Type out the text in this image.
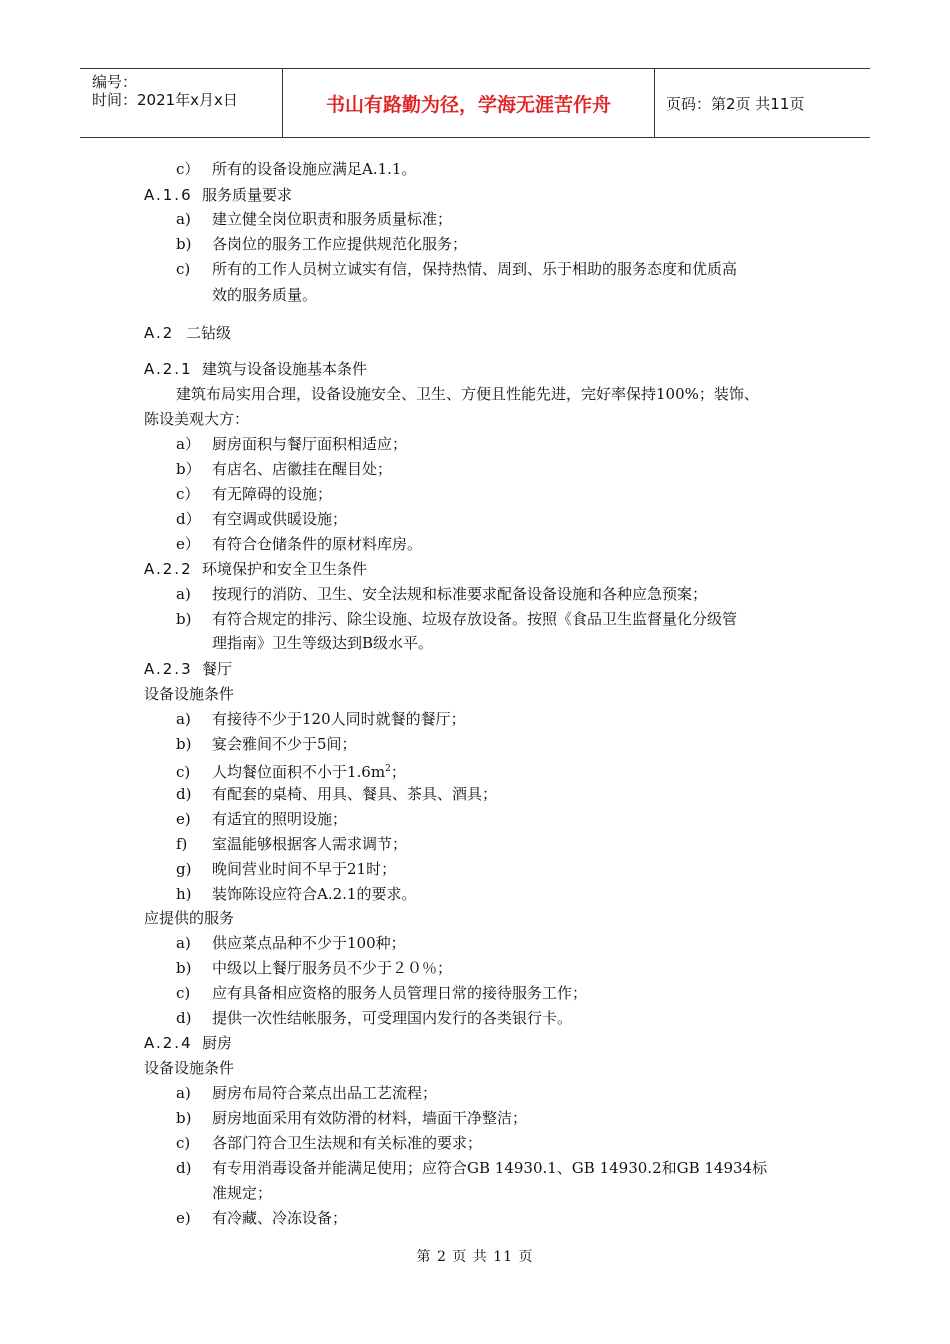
编号：
时间：2021年x月x日	书山有路勤为径，学海无涯苦作舟	页码：第2页 共11页
c） 所有的设备设施应满足A.1.1。
A.1.6 服务质量要求
a) 建立健全岗位职责和服务质量标准；
b) 各岗位的服务工作应提供规范化服务；
c) 所有的工作人员树立诚实有信，保持热情、周到、乐于相助的服务态度和优质高
效的服务质量。
A.2 二钻级
A.2.1 建筑与设备设施基本条件
建筑布局实用合理，设备设施安全、卫生、方便且性能先进，完好率保持100%；装饰、
陈设美观大方：
a） 厨房面积与餐厅面积相适应；
b） 有店名、店徽挂在醒目处；
c） 有无障碍的设施；
d） 有空调或供暖设施；
e） 有符合仓储条件的原材料库房。
A.2.2 环境保护和安全卫生条件
a) 按现行的消防、卫生、安全法规和标准要求配备设备设施和各种应急预案；
b) 有符合规定的排污、除尘设施、垃圾存放设备。按照《食品卫生监督量化分级管
理指南》卫生等级达到B级水平。
A.2.3 餐厅
设备设施条件
a) 有接待不少于120人同时就餐的餐厅；
b) 宴会雅间不少于5间；
c) 人均餐位面积不小于$1.6m^2$；
d) 有配套的桌椅、用具、餐具、茶具、酒具；
e) 有适宜的照明设施；
f) 室温能够根据客人需求调节；
g) 晚间营业时间不早于21时；
h) 装饰陈设应符合A.2.1的要求。
应提供的服务
a) 供应菜点品种不少于100种；
b) 中级以上餐厅服务员不少于２０％；
c) 应有具备相应资格的服务人员管理日常的接待服务工作；
d) 提供一次性结帐服务，可受理国内发行的各类银行卡。
A.2.4 厨房
设备设施条件
a) 厨房布局符合菜点出品工艺流程；
b) 厨房地面采用有效防滑的材料，墙面干净整洁；
c) 各部门符合卫生法规和有关标准的要求；
d) 有专用消毒设备并能满足使用；应符合GB 14930.1、GB 14930.2和GB 14934标
准规定；
e) 有冷藏、冷冻设备；
第 2 页 共 11 页
